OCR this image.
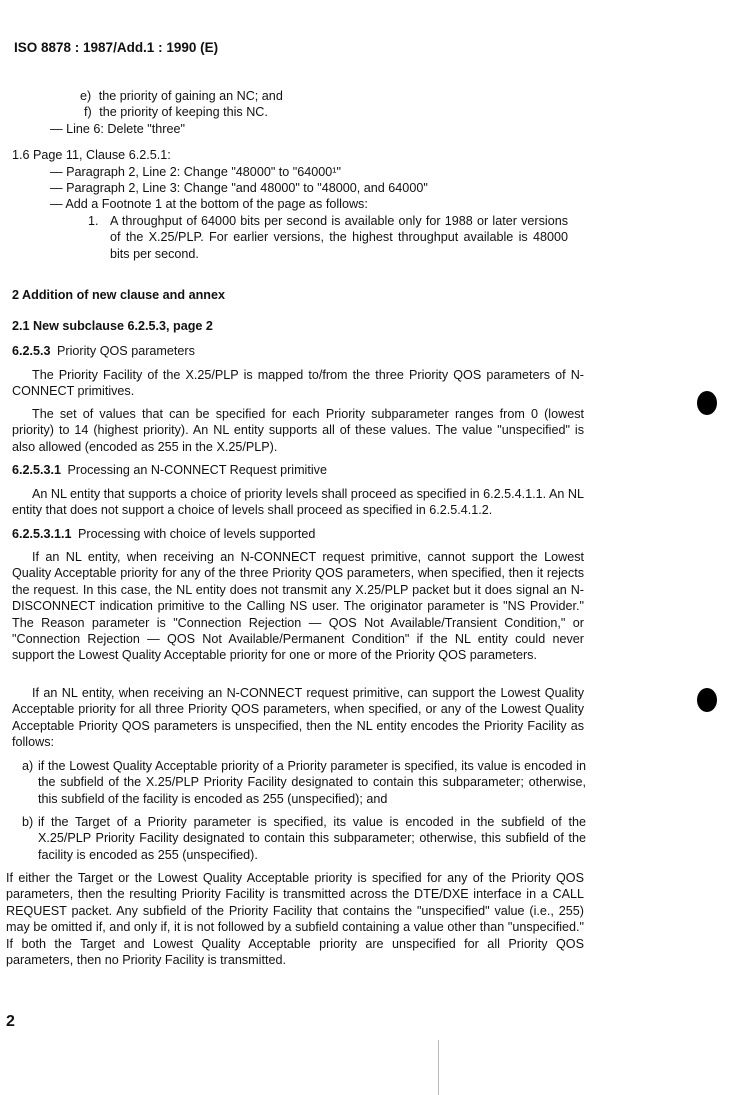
ISO 8878 : 1987/Add.1 : 1990 (E)
e) the priority of gaining an NC; and
f) the priority of keeping this NC.
— Line 6: Delete "three"
1.6 Page 11, Clause 6.2.5.1:
— Paragraph 2, Line 2: Change "48000" to "64000¹"
— Paragraph 2, Line 3: Change "and 48000" to "48000, and 64000"
— Add a Footnote 1 at the bottom of the page as follows:
1. A throughput of 64000 bits per second is available only for 1988 or later versions of the X.25/PLP. For earlier versions, the highest throughput available is 48000 bits per second.
2 Addition of new clause and annex
2.1 New subclause 6.2.5.3, page 2
6.2.5.3 Priority QOS parameters
The Priority Facility of the X.25/PLP is mapped to/from the three Priority QOS parameters of N-CONNECT primitives.
The set of values that can be specified for each Priority subparameter ranges from 0 (lowest priority) to 14 (highest priority). An NL entity supports all of these values. The value "unspecified" is also allowed (encoded as 255 in the X.25/PLP).
6.2.5.3.1 Processing an N-CONNECT Request primitive
An NL entity that supports a choice of priority levels shall proceed as specified in 6.2.5.4.1.1. An NL entity that does not support a choice of levels shall proceed as specified in 6.2.5.4.1.2.
6.2.5.3.1.1 Processing with choice of levels supported
If an NL entity, when receiving an N-CONNECT request primitive, cannot support the Lowest Quality Acceptable priority for any of the three Priority QOS parameters, when specified, then it rejects the request. In this case, the NL entity does not transmit any X.25/PLP packet but it does signal an N-DISCONNECT indication primitive to the Calling NS user. The originator parameter is "NS Provider." The Reason parameter is "Connection Rejection — QOS Not Available/Transient Condition," or "Connection Rejection — QOS Not Available/Permanent Condition" if the NL entity could never support the Lowest Quality Acceptable priority for one or more of the Priority QOS parameters.
If an NL entity, when receiving an N-CONNECT request primitive, can support the Lowest Quality Acceptable priority for all three Priority QOS parameters, when specified, or any of the Lowest Quality Acceptable Priority QOS parameters is unspecified, then the NL entity encodes the Priority Facility as follows:
a) if the Lowest Quality Acceptable priority of a Priority parameter is specified, its value is encoded in the subfield of the X.25/PLP Priority Facility designated to contain this subparameter; otherwise, this subfield of the facility is encoded as 255 (unspecified); and
b) if the Target of a Priority parameter is specified, its value is encoded in the subfield of the X.25/PLP Priority Facility designated to contain this subparameter; otherwise, this subfield of the facility is encoded as 255 (unspecified).
If either the Target or the Lowest Quality Acceptable priority is specified for any of the Priority QOS parameters, then the resulting Priority Facility is transmitted across the DTE/DXE interface in a CALL REQUEST packet. Any subfield of the Priority Facility that contains the "unspecified" value (i.e., 255) may be omitted if, and only if, it is not followed by a subfield containing a value other than "unspecified." If both the Target and Lowest Quality Acceptable priority are unspecified for all Priority QOS parameters, then no Priority Facility is transmitted.
2
